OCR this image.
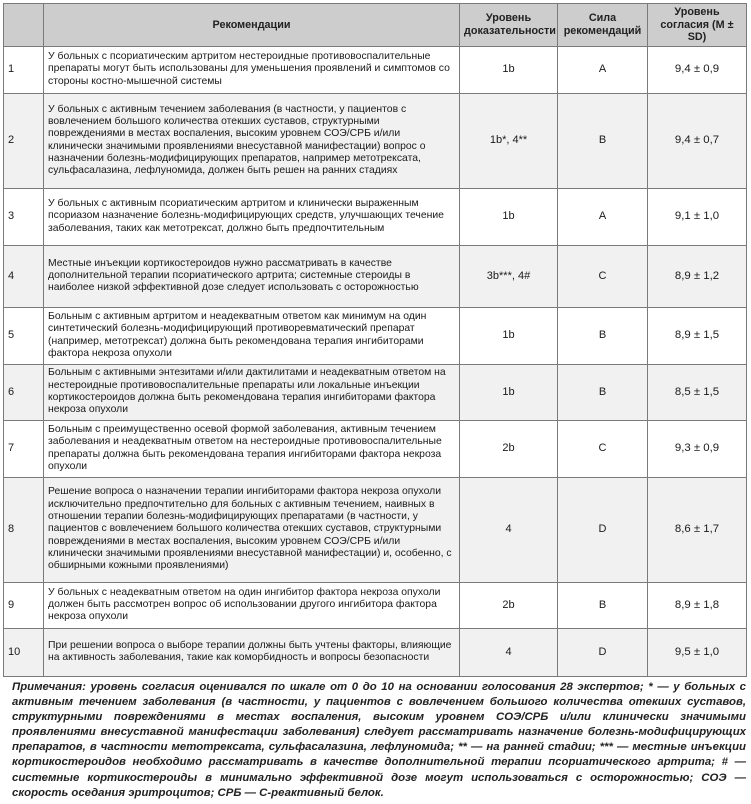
	Рекомендации	Уровень доказательности	Сила рекомендаций	Уровень согласия (M ± SD)
1	У больных с псориатическим артритом нестероидные противовоспалительные препараты могут быть использованы для уменьшения проявлений и симптомов со стороны костно-мышечной системы	1b	A	9,4 ± 0,9
2	У больных с активным течением заболевания (в частности, у пациентов с вовлечением большого количества отекших суставов, структурными повреждениями в местах воспаления, высоким уровнем СОЭ/СРБ и/или клинически значимыми проявлениями внесуставной манифестации) вопрос о назначении болезнь-модифицирующих препаратов, например метотрексата, сульфасалазина, лефлуномида, должен быть решен на ранних стадиях	1b*, 4**	B	9,4 ± 0,7
3	У больных с активным псориатическим артритом и клинически выраженным псориазом назначение болезнь-модифицирующих средств, улучшающих течение заболевания, таких как метотрексат, должно быть предпочтительным	1b	A	9,1 ± 1,0
4	Местные инъекции кортикостероидов нужно рассматривать в качестве дополнительной терапии псориатического артрита; системные стероиды в наиболее низкой эффективной дозе следует использовать с осторожностью	3b***, 4#	C	8,9 ± 1,2
5	Больным с активным артритом и неадекватным ответом как минимум на один синтетический болезнь-модифицирующий противоревматический препарат (например, метотрексат) должна быть рекомендована терапия ингибиторами фактора некроза опухоли	1b	B	8,9 ± 1,5
6	Больным с активными энтезитами и/или дактилитами и неадекватным ответом на нестероидные противовоспалительные препараты или локальные инъекции кортикостероидов должна быть рекомендована терапия ингибиторами фактора некроза опухоли	1b	B	8,5 ± 1,5
7	Больным с преимущественно осевой формой заболевания, активным течением заболевания и неадекватным ответом на нестероидные противовоспалительные препараты должна быть рекомендована терапия ингибиторами фактора некроза опухоли	2b	C	9,3 ± 0,9
8	Решение вопроса о назначении терапии ингибиторами фактора некроза опухоли исключительно предпочтительно для больных с активным течением, наивных в отношении терапии болезнь-модифицирующих препаратами (в частности, у пациентов с вовлечением большого количества отекших суставов, структурными повреждениями в местах воспаления, высоким уровнем СОЭ/СРБ и/или клинически значимыми проявлениями внесуставной манифестации) и, особенно, с обширными кожными проявлениями)	4	D	8,6 ± 1,7
9	У больных с неадекватным ответом на один ингибитор фактора некроза опухоли должен быть рассмотрен вопрос об использовании другого ингибитора фактора некроза опухоли	2b	B	8,9 ± 1,8
10	При решении вопроса о выборе терапии должны быть учтены факторы, влияющие на активность заболевания, такие как коморбидность и вопросы безопасности	4	D	9,5 ± 1,0
Примечания: уровень согласия оценивался по шкале от 0 до 10 на основании голосования 28 экспертов; * — у больных с активным течением заболевания (в частности, у пациентов с вовлечением большого количества отекших суставов, структурными повреждениями в местах воспаления, высоким уровнем СОЭ/СРБ и/или клинически значимыми проявлениями внесуставной манифестации заболевания) следует рассматривать назначение болезнь-модифицирующих препаратов, в частности метотрексата, сульфасалазина, лефлуномида; ** — на ранней стадии; *** — местные инъекции кортикостероидов необходимо рассматривать в качестве дополнительной терапии псориатического артрита; # — системные кортикостероиды в минимально эффективной дозе могут использоваться с осторожностью; СОЭ — скорость оседания эритроцитов; СРБ — С-реактивный белок.
